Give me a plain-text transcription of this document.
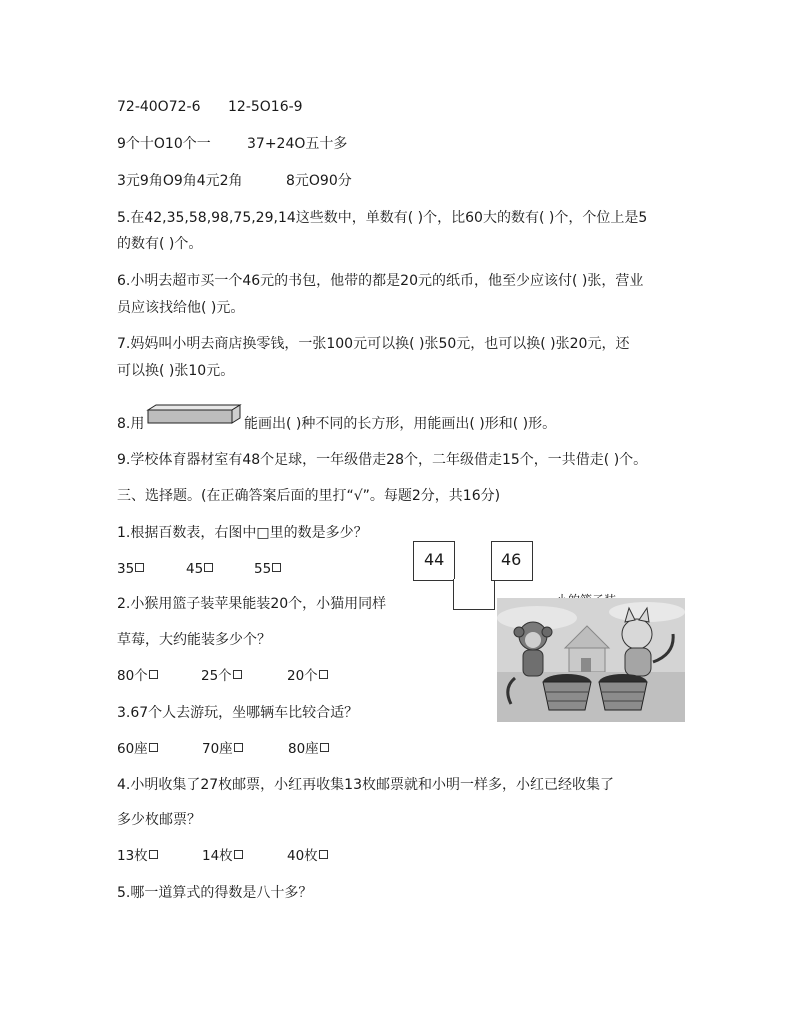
72-40O72-6 12-5O16-9
9个十O10个一	37+24O五十多
3元9角O9角4元2角	8元O90分
5.在42,35,58,98,75,29,14这些数中，单数有( )个，比60大的数有( )个，个位上是5
的数有( )个。
6.小明去超市买一个46元的书包，他带的都是20元的纸币，他至少应该付( )张，营业
员应该找给他( )元。
7.妈妈叫小明去商店换零钱，一张100元可以换( )张50元，也可以换( )张20元，还
可以换( )张10元。
8.用	能画出( )种不同的长方形，用能画出( )形和( )形。
9.学校体育器材室有48个足球，一年级借走28个，二年级借走15个，一共借走( )个。
三、选择题。(在正确答案后面的里打“√”。每题2分，共16分)
1.根据百数表，右图中□里的数是多少？
35	45	55	44	46
2.小猴用篮子装苹果能装20个，小猫用同样
草莓，大约能装多少个？
80个	25个	20个
3.67个人去游玩，坐哪辆车比较合适？
60座	70座	80座
4.小明收集了27枚邮票，小红再收集13枚邮票就和小明一样多，小红已经收集了
多少枚邮票？
13枚	14枚	40枚
5.哪一道算式的得数是八十多？
